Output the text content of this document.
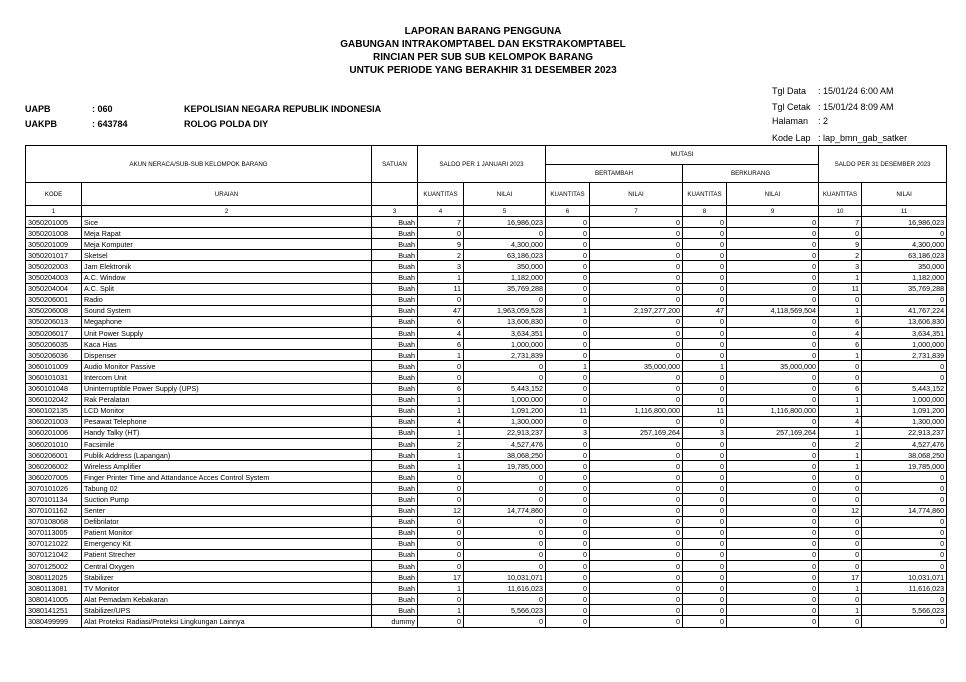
LAPORAN BARANG PENGGUNA
GABUNGAN INTRAKOMPTABEL DAN EKSTRAKOMPTABEL
RINCIAN PER SUB SUB KELOMPOK BARANG
UNTUK PERIODE YANG BERAKHIR 31 DESEMBER 2023
UAPB	: 060	KEPOLISIAN NEGARA REPUBLIK INDONESIA
UAKPB	: 643784	ROLOG POLDA DIY
Tgl Data : 15/01/24 6:00 AM
Tgl Cetak : 15/01/24 8:09 AM
Halaman : 2
Kode Lap : lap_bmn_gab_satker
AKUN NERACA/SUB-SUB KELOMPOK BARANG		SATUAN	SALDO PER 1 JANUARI 2023		MUTASI				SALDO PER 31 DESEMBER 2023	
					BERTAMBAH		BERKURANG			
KODE	URAIAN		KUANTITAS	NILAI	KUANTITAS	NILAI	KUANTITAS	NILAI	KUANTITAS	NILAI
1	2	3	4	5	6	7	8	9	10	11
3050201005	Sice	Buah	7	16,986,023	0	0	0	0	7	16,986,023
3050201008	Meja Rapat	Buah	0	0	0	0	0	0	0	0
3050201009	Meja Komputer	Buah	9	4,300,000	0	0	0	0	9	4,300,000
3050201017	Sketsel	Buah	2	63,186,023	0	0	0	0	2	63,186,023
3050202003	Jam Elektronik	Buah	3	350,000	0	0	0	0	3	350,000
3050204003	A.C. Window	Buah	1	1,182,000	0	0	0	0	1	1,182,000
3050204004	A.C. Split	Buah	11	35,769,288	0	0	0	0	11	35,769,288
3050206001	Radio	Buah	0	0	0	0	0	0	0	0
3050206008	Sound System	Buah	47	1,963,059,528	1	2,197,277,200	47	4,118,569,504	1	41,767,224
3050206013	Megaphone	Buah	6	13,606,830	0	0	0	0	6	13,606,830
3050206017	Unit Power Supply	Buah	4	3,634,351	0	0	0	0	4	3,634,351
3050206035	Kaca Hias	Buah	6	1,000,000	0	0	0	0	6	1,000,000
3050206036	Dispenser	Buah	1	2,731,839	0	0	0	0	1	2,731,839
3060101009	Audio Monitor Passive	Buah	0	0	1	35,000,000	1	35,000,000	0	0
3060101031	Intercom Unit	Buah	0	0	0	0	0	0	0	0
3060101048	Uninterruptible Power Supply (UPS)	Buah	6	5,443,152	0	0	0	0	6	5,443,152
3060102042	Rak Peralatan	Buah	1	1,000,000	0	0	0	0	1	1,000,000
3060102135	LCD Monitor	Buah	1	1,091,200	11	1,116,800,000	11	1,116,800,000	1	1,091,200
3060201003	Pesawat Telephone	Buah	4	1,300,000	0	0	0	0	4	1,300,000
3060201006	Handy Talky (HT)	Buah	1	22,913,237	3	257,169,264	3	257,169,264	1	22,913,237
3060201010	Facsimile	Buah	2	4,527,476	0	0	0	0	2	4,527,476
3060206001	Publik Address (Lapangan)	Buah	1	38,068,250	0	0	0	0	1	38,068,250
3060206002	Wireless Amplifier	Buah	1	19,785,000	0	0	0	0	1	19,785,000
3060207005	Finger Printer Time and Attandance Acces Control System	Buah	0	0	0	0	0	0	0	0
3070101026	Tabung 02	Buah	0	0	0	0	0	0	0	0
3070101134	Suction Pump	Buah	0	0	0	0	0	0	0	0
3070101162	Senter	Buah	12	14,774,860	0	0	0	0	12	14,774,860
3070108068	Defibrilator	Buah	0	0	0	0	0	0	0	0
3070113005	Patient Monitor	Buah	0	0	0	0	0	0	0	0
3070121022	Emergency Kit	Buah	0	0	0	0	0	0	0	0
3070121042	Patient Strecher	Buah	0	0	0	0	0	0	0	0
3070125002	Central Oxygen	Buah	0	0	0	0	0	0	0	0
3080112025	Stabilizer	Buah	17	10,031,071	0	0	0	0	17	10,031,071
3080113081	TV Monitor	Buah	1	11,616,023	0	0	0	0	1	11,616,023
3080141005	Alat Pemadam Kebakaran	Buah	0	0	0	0	0	0	0	0
3080141251	Stabilizer/UPS	Buah	1	5,566,023	0	0	0	0	1	5,566,023
3080499999	Alat Proteksi Radiasi/Proteksi Lingkungan Lainnya	dummy	0	0	0	0	0	0	0	0
